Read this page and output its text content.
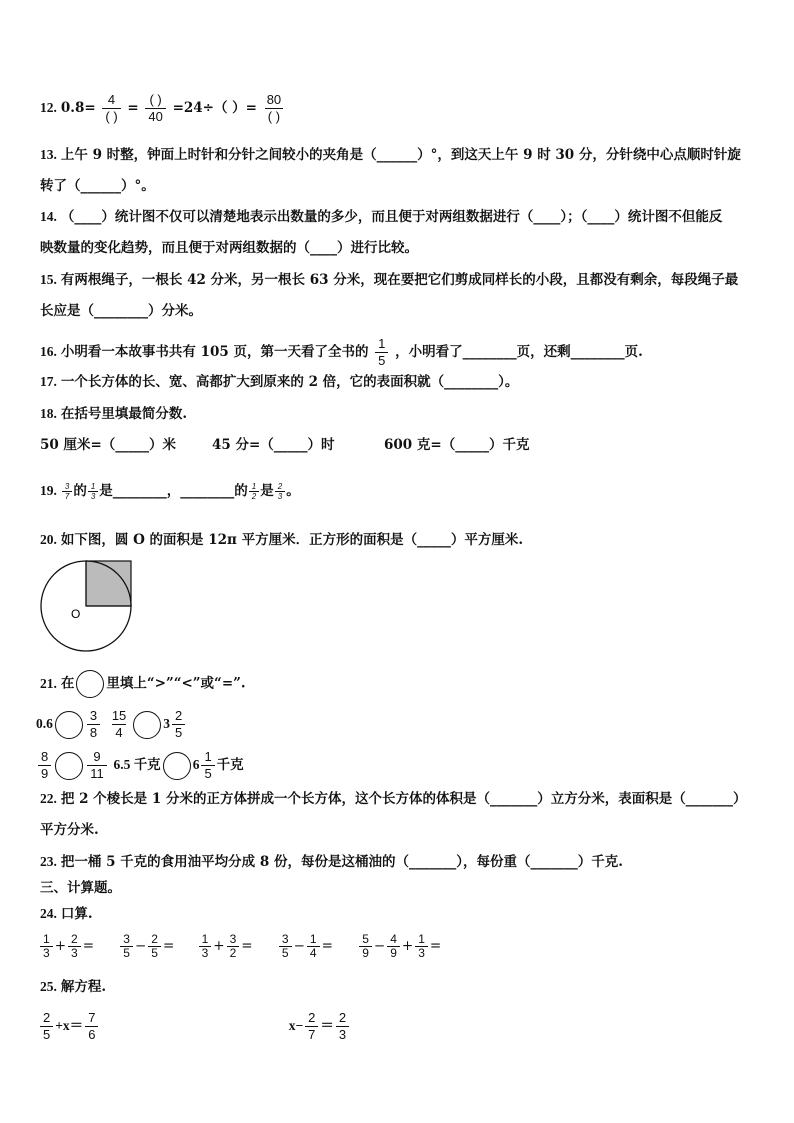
12. $0.8= \frac{4}{( )} = \frac{( )}{40} =24\div$（ ）= $\frac{80}{( )}$
13. 上午 9 时整，钟面上时针和分针之间较小的夹角是（______）°，到这天上午 9 时 30 分，分针绕中心点顺时针旋
转了（______）°。
14. （____）统计图不仅可以清楚地表示出数量的多少，而且便于对两组数据进行（____）；（____）统计图不但能反
映数量的变化趋势，而且便于对两组数据的（____）进行比较。
15. 有两根绳子，一根长 42 分米，另一根长 63 分米，现在要把它们剪成同样长的小段，且都没有剩余，每段绳子最
长应是（________）分米。
16. 小明看一本故事书共有 105 页，第一天看了全书的 $\frac{1}{5}$ ，小明看了________页，还剩________页.
17. 一个长方体的长、宽、高都扩大到原来的 2 倍，它的表面积就（________）。
18. 在括号里填最简分数.
50 厘米=（_____）米	45 分=（_____）时	600 克=（_____）千克
19. $\frac{3}{7}$ 的 $\frac{1}{3}$ 是________，________的 $\frac{1}{2}$ 是 $\frac{2}{3}$ 。
20. 如下图，圆 O 的面积是 12π 平方厘米．正方形的面积是（_____）平方厘米.
O
21. 在 里填上“>”“<”或“=”.
0.6	$\frac{3}{8}$
$\frac{15}{4}$	$3 \frac{2}{5}$
$\frac{8}{9}$	$\frac{9}{11} 6.5$ 千克 $6 \frac{1}{5}$ 千克
22. 把 2 个棱长是 1 分米的正方体拼成一个长方体，这个长方体的体积是（_______）立方分米，表面积是（_______）
平方分米.
23. 把一桶 5 千克的食用油平均分成 8 份，每份是这桶油的（_______），每份重（_______）千克.
三、计算题。
24. 口算.
$\frac{1}{3} + \frac{2}{3} = \frac{3}{5} - \frac{2}{5} = \frac{1}{3} + \frac{3}{2} = \frac{3}{5} - \frac{1}{4} = \frac{5}{9} - \frac{4}{9} + \frac{1}{3}$ =
25. 解方程.
$\frac{2}{5} +x= \frac{7}{6}$	$x- \frac{2}{7} = \frac{2}{3}$
